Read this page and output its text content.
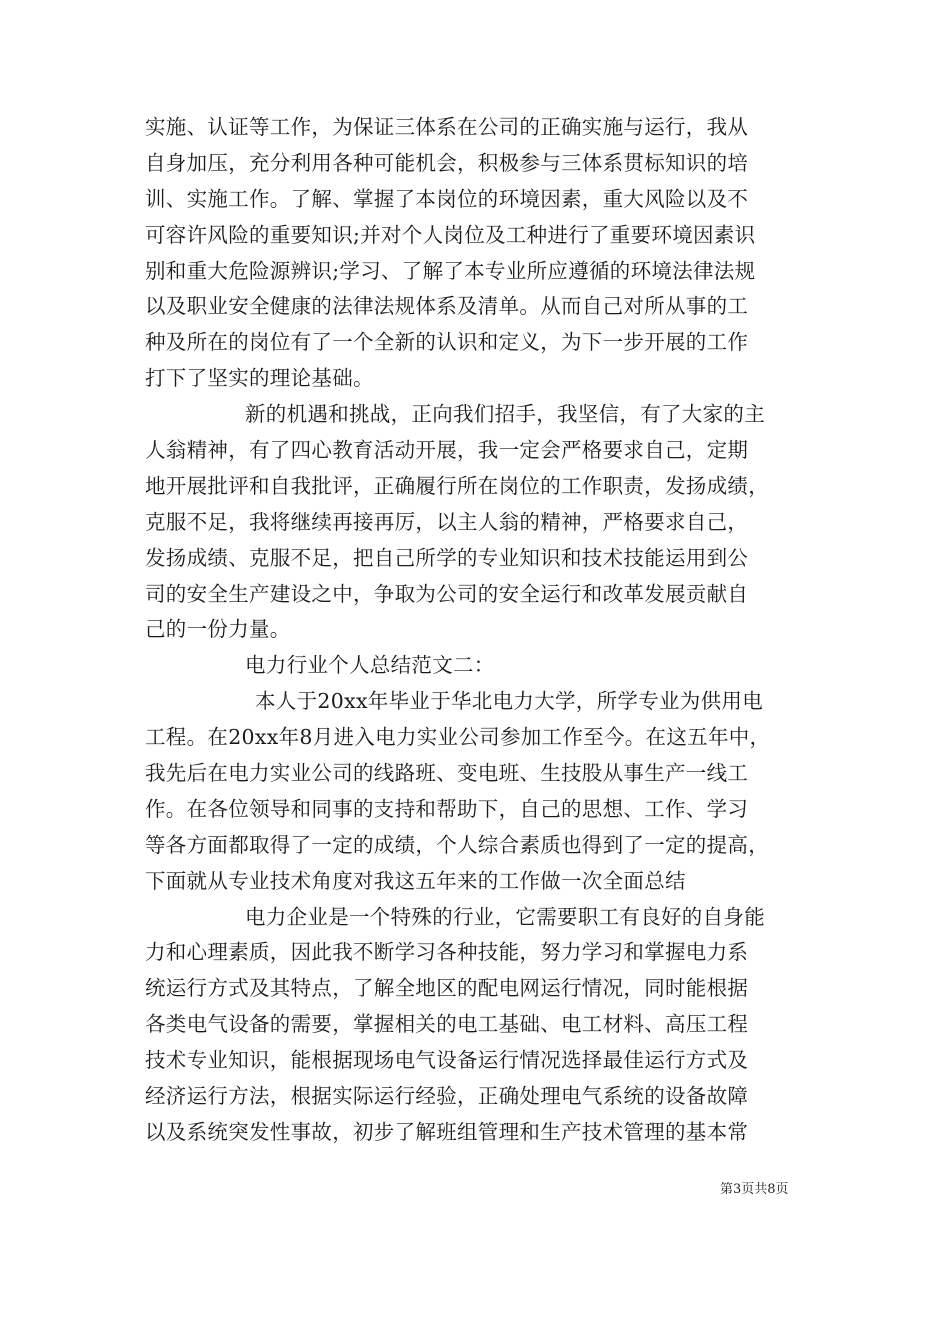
实施、认证等工作，为保证三体系在公司的正确实施与运行，我从
自身加压，充分利用各种可能机会，积极参与三体系贯标知识的培
训、实施工作。了解、掌握了本岗位的环境因素，重大风险以及不
可容许风险的重要知识;并对个人岗位及工种进行了重要环境因素识
别和重大危险源辨识;学习、了解了本专业所应遵循的环境法律法规
以及职业安全健康的法律法规体系及清单。从而自己对所从事的工
种及所在的岗位有了一个全新的认识和定义，为下一步开展的工作
打下了坚实的理论基础。
新的机遇和挑战，正向我们招手，我坚信，有了大家的主
人翁精神，有了四心教育活动开展，我一定会严格要求自己，定期
地开展批评和自我批评，正确履行所在岗位的工作职责，发扬成绩，
克服不足，我将继续再接再厉，以主人翁的精神，严格要求自己，
发扬成绩、克服不足，把自己所学的专业知识和技术技能运用到公
司的安全生产建设之中，争取为公司的安全运行和改革发展贡献自
己的一份力量。
电力行业个人总结范文二：
本人于20xx年毕业于华北电力大学，所学专业为供用电
工程。在20xx年8月进入电力实业公司参加工作至今。在这五年中，
我先后在电力实业公司的线路班、变电班、生技股从事生产一线工
作。在各位领导和同事的支持和帮助下，自己的思想、工作、学习
等各方面都取得了一定的成绩，个人综合素质也得到了一定的提高，
下面就从专业技术角度对我这五年来的工作做一次全面总结
电力企业是一个特殊的行业，它需要职工有良好的自身能
力和心理素质，因此我不断学习各种技能，努力学习和掌握电力系
统运行方式及其特点，了解全地区的配电网运行情况，同时能根据
各类电气设备的需要，掌握相关的电工基础、电工材料、高压工程
技术专业知识，能根据现场电气设备运行情况选择最佳运行方式及
经济运行方法，根据实际运行经验，正确处理电气系统的设备故障
以及系统突发性事故，初步了解班组管理和生产技术管理的基本常
第3页共8页
